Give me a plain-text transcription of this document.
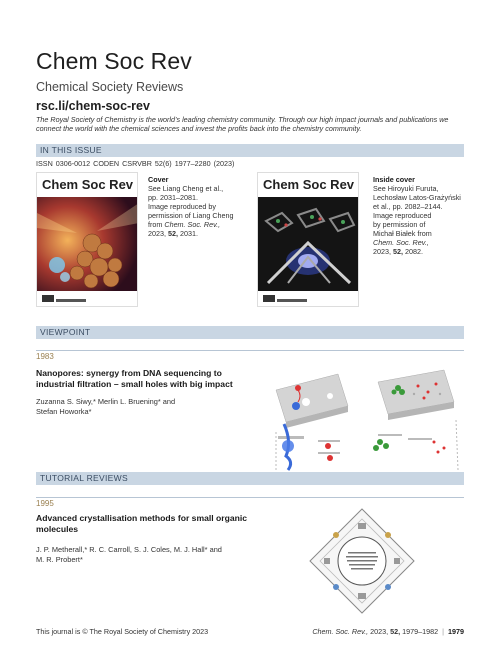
Chem Soc Rev
Chemical Society Reviews
rsc.li/chem-soc-rev
The Royal Society of Chemistry is the world’s leading chemistry community. Through our high impact journals and publications we connect the world with the chemical sciences and invest the profits back into the chemistry community.
IN THIS ISSUE
ISSN 0306-0012 CODEN CSRVBR 52(6) 1977–2280 (2023)
Chem Soc Rev Cover
See Liang Cheng et al.,
pp. 2031–2081.
Image reproduced by
permission of Liang Cheng
from Chem. Soc. Rev.,
2023, 52, 2031.
Chem Soc Rev	Inside cover
See Hiroyuki Furuta,
Lechosław Latos-Grażyński
et al., pp. 2082–2144.
Image reproduced
by permission of
Michał Białek from
Chem. Soc. Rev.,
2023, 52, 2082.
VIEWPOINT
1983
Nanopores: synergy from DNA sequencing to
industrial filtration – small holes with big impact
Zuzanna S. Siwy,* Merlin L. Bruening* and
Stefan Howorka*
TUTORIAL REVIEWS
1995
Advanced crystallisation methods for small organic
molecules
J. P. Metherall,* R. C. Carroll, S. J. Coles, M. J. Hall* and
M. R. Probert*
This journal is © The Royal Society of Chemistry 2023	Chem. Soc. Rev., 2023, 52, 1979–1982 | 1979
